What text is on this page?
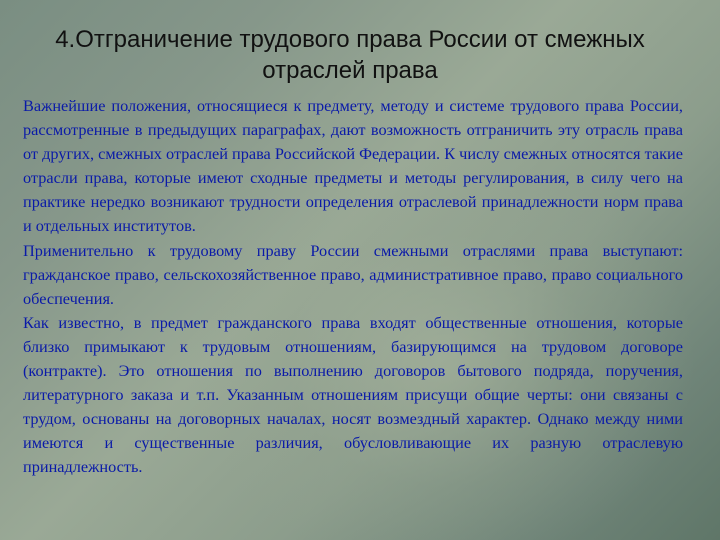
4.Отграничение трудового права России от смежных отраслей права

Важнейшие положения, относящиеся к предмету, методу и системе трудового права России, рассмотренные в предыдущих параграфах, дают возможность отграничить эту отрасль права от других, смежных отраслей права Российской Федерации. К числу смежных относятся такие отрасли права, которые имеют сходные предметы и методы регулирования, в силу чего на практике нередко возникают трудности определения отраслевой принадлежности норм права и отдельных институтов.

Применительно к трудовому праву России смежными отраслями права выступают: гражданское право, сельскохозяйственное право, административное право, право социального обеспечения.

Как известно, в предмет гражданского права входят общественные отношения, которые близко примыкают к трудовым отношениям, базирующимся на трудовом договоре (контракте). Это отношения по выполнению договоров бытового подряда, поручения, литературного заказа и т.п. Указанным отношениям присущи общие черты: они связаны с трудом, основаны на договорных началах, носят возмездный характер. Однако между ними имеются и существенные различия, обусловливающие их разную отраслевую принадлежность.
